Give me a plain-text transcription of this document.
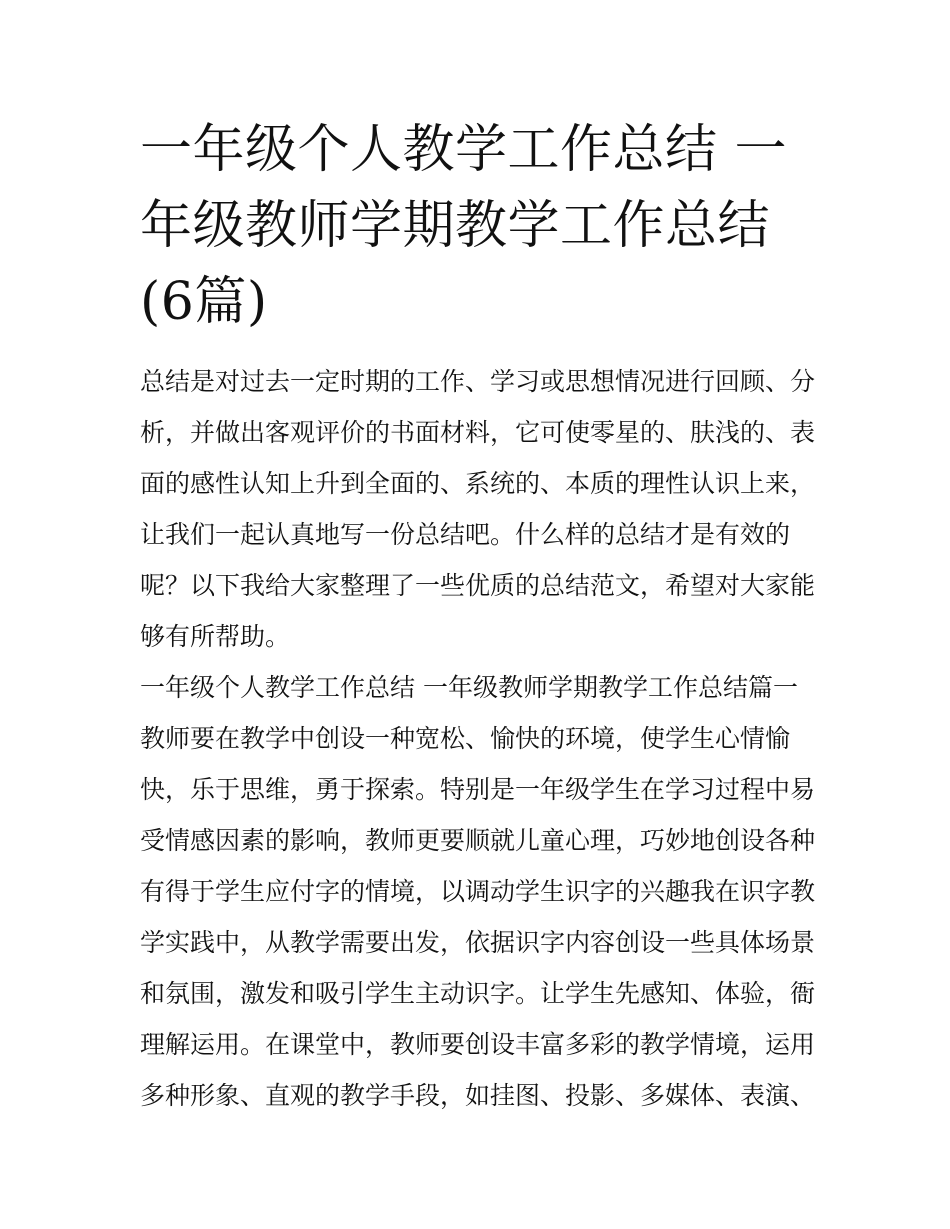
一年级个人教学工作总结 一年级教师学期教学工作总结(6篇)

总结是对过去一定时期的工作、学习或思想情况进行回顾、分析，并做出客观评价的书面材料，它可使零星的、肤浅的、表面的感性认知上升到全面的、系统的、本质的理性认识上来，让我们一起认真地写一份总结吧。什么样的总结才是有效的呢？以下我给大家整理了一些优质的总结范文，希望对大家能够有所帮助。

一年级个人教学工作总结 一年级教师学期教学工作总结篇一

教师要在教学中创设一种宽松、愉快的环境，使学生心情愉快，乐于思维，勇于探索。特别是一年级学生在学习过程中易受情感因素的影响，教师更要顺就儿童心理，巧妙地创设各种有得于学生应付字的情境，以调动学生识字的兴趣我在识字教学实践中，从教学需要出发，依据识字内容创设一些具体场景和氛围，激发和吸引学生主动识字。让学生先感知、体验，衙理解运用。在课堂中，教师要创设丰富多彩的教学情境，运用多种形象、直观的教学手段，如挂图、投影、多媒体、表演、
